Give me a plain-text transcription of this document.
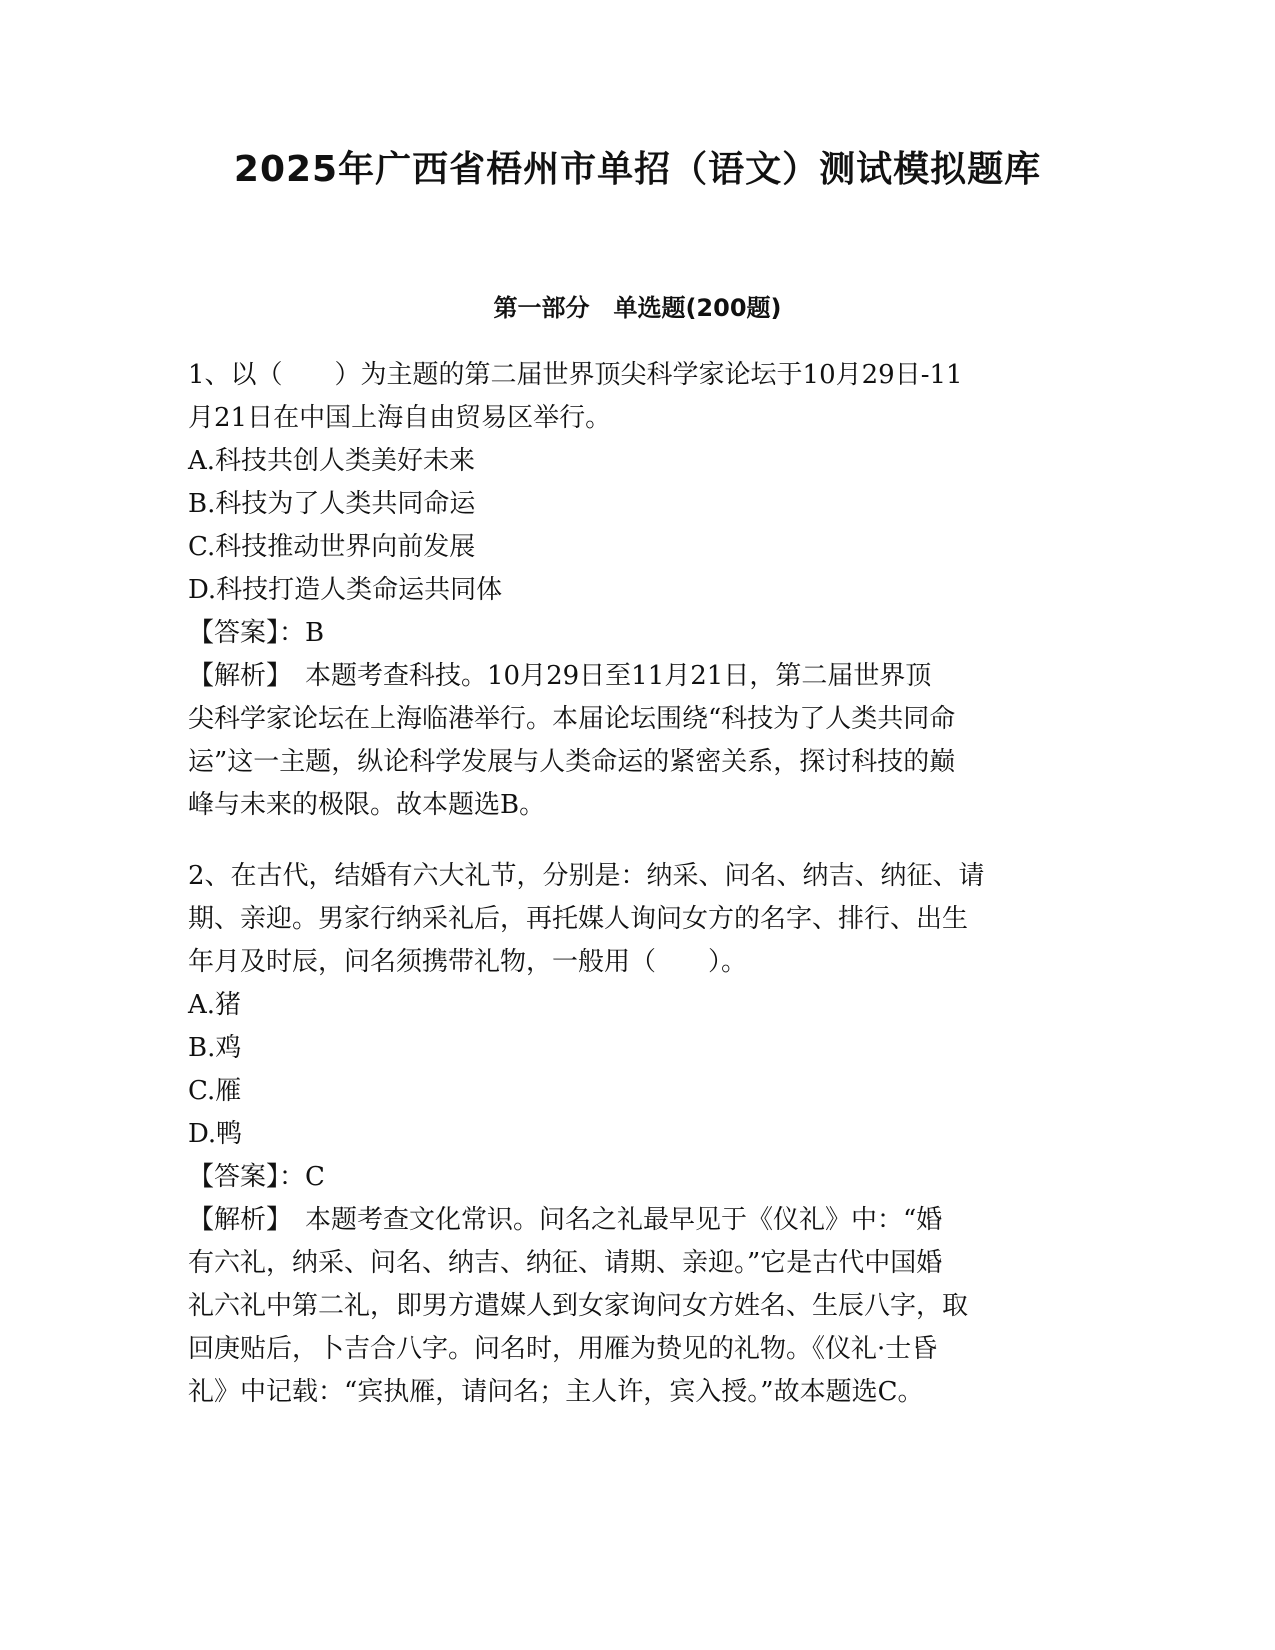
2025年广西省梧州市单招（语文）测试模拟题库
第一部分　单选题(200题)
1、以（　　）为主题的第二届世界顶尖科学家论坛于10月29日-11
月21日在中国上海自由贸易区举行。
A.科技共创人类美好未来
B.科技为了人类共同命运
C.科技推动世界向前发展
D.科技打造人类命运共同体
【答案】：B
【解析】　本题考查科技。10月29日至11月21日，第二届世界顶
尖科学家论坛在上海临港举行。本届论坛围绕“科技为了人类共同命
运”这一主题，纵论科学发展与人类命运的紧密关系，探讨科技的巅
峰与未来的极限。故本题选B。
2、在古代，结婚有六大礼节，分别是：纳采、问名、纳吉、纳征、请
期、亲迎。男家行纳采礼后，再托媒人询问女方的名字、排行、出生
年月及时辰，问名须携带礼物，一般用（　　）。
A.猪
B.鸡
C.雁
D.鸭
【答案】：C
【解析】　本题考查文化常识。问名之礼最早见于《仪礼》中：“婚
有六礼，纳采、问名、纳吉、纳征、请期、亲迎。”它是古代中国婚
礼六礼中第二礼，即男方遣媒人到女家询问女方姓名、生辰八字，取
回庚贴后，卜吉合八字。问名时，用雁为贽见的礼物。《仪礼·士昏
礼》中记载：“宾执雁，请问名；主人许，宾入授。”故本题选C。
